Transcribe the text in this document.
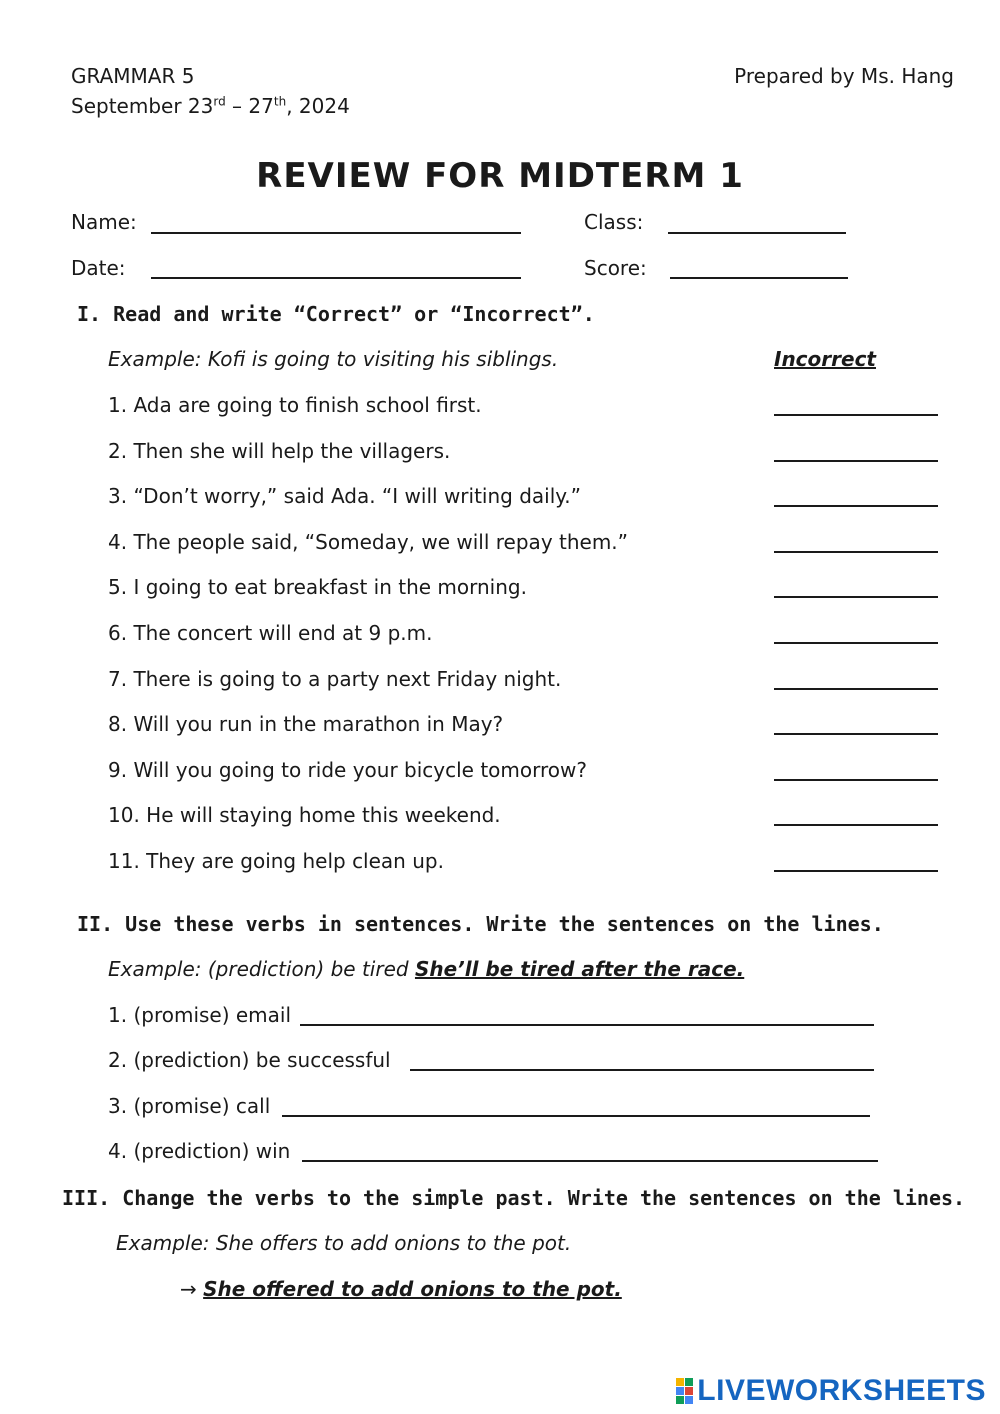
GRAMMAR 5
September 23rd – 27th, 2024
Prepared by Ms. Hang
REVIEW FOR MIDTERM 1
Name:	Class:
Date:	Score:
I. Read and write “Correct” or “Incorrect”.
Example: Kofi is going to visiting his siblings.	Incorrect
1. Ada are going to finish school first.
2. Then she will help the villagers.
3. “Don’t worry,” said Ada. “I will writing daily.”
4. The people said, “Someday, we will repay them.”
5. I going to eat breakfast in the morning.
6. The concert will end at 9 p.m.
7. There is going to a party next Friday night.
8. Will you run in the marathon in May?
9. Will you going to ride your bicycle tomorrow?
10. He will staying home this weekend.
11. They are going help clean up.
II. Use these verbs in sentences. Write the sentences on the lines.
Example: (prediction) be tired She’ll be tired after the race.
1. (promise) email
2. (prediction) be successful
3. (promise) call
4. (prediction) win
III. Change the verbs to the simple past. Write the sentences on the lines.
Example: She offers to add onions to the pot.
→ She offered to add onions to the pot.
LIVEWORKSHEETS
